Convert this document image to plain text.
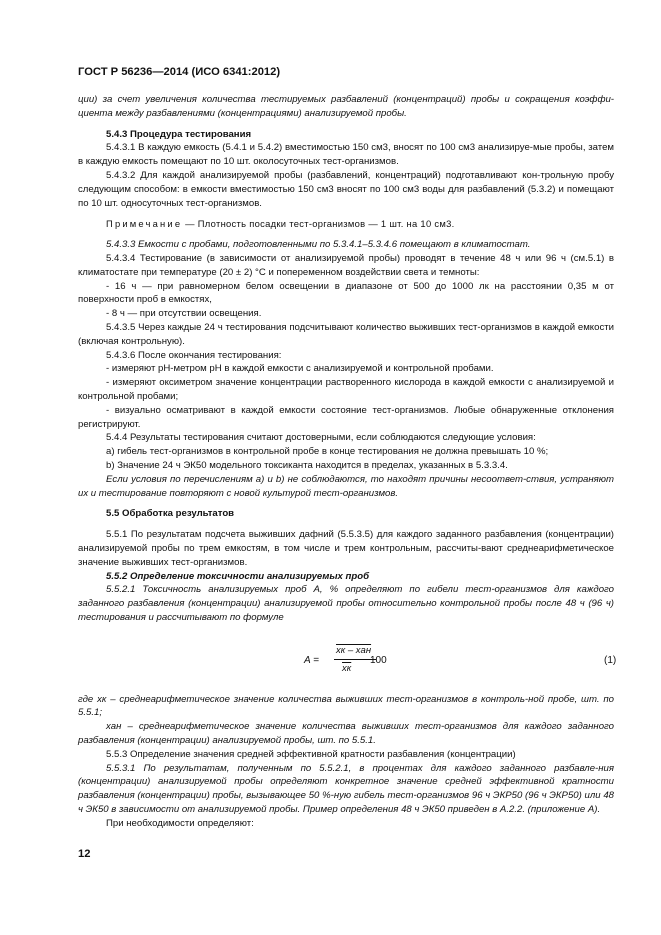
ГОСТ Р 56236—2014 (ИСО 6341:2012)

ции) за счет увеличения количества тестируемых разбавлений (концентраций) пробы и сокращения коэффи-циента между разбавлениями (концентрациями) анализируемой пробы.

5.4.3 Процедура тестирования

5.4.3.1 В каждую емкость (5.4.1 и 5.4.2) вместимостью 150 см3, вносят по 100 см3 анализируе-мые пробы, затем в каждую емкость помещают по 10 шт. околосуточных тест-организмов.

5.4.3.2 Для каждой анализируемой пробы (разбавлений, концентраций) подготавливают кон-трольную пробу следующим способом: в емкости вместимостью 150 см3 вносят по 100 см3 воды для разбавлений (5.3.2) и помещают по 10 шт. односуточных тест-организмов.

Примечание — Плотность посадки тест-организмов — 1 шт. на 10 см3.

5.4.3.3 Емкости с пробами, подготовленными по 5.3.4.1–5.3.4.6 помещают в климатостат.

5.4.3.4 Тестирование (в зависимости от анализируемой пробы) проводят в течение 48 ч или 96 ч (см.5.1) в климатостате при температуре (20 ± 2) °С и попеременном воздействии света и темноты:

- 16 ч — при равномерном белом освещении в диапазоне от 500 до 1000 лк на расстоянии 0,35 м от поверхности проб в емкостях,

- 8 ч — при отсутствии освещения.

5.4.3.5 Через каждые 24 ч тестирования подсчитывают количество выживших тест-организмов в каждой емкости (включая контрольную).

5.4.3.6 После окончания тестирования:

- измеряют рН-метром рН в каждой емкости с анализируемой и контрольной пробами.

- измеряют оксиметром значение концентрации растворенного кислорода в каждой емкости с анализируемой и контрольной пробами;

- визуально осматривают в каждой емкости состояние тест-организмов. Любые обнаруженные отклонения регистрируют.

5.4.4 Результаты тестирования считают достоверными, если соблюдаются следующие условия:

а) гибель тест-организмов в контрольной пробе в конце тестирования не должна превышать 10 %;

b) Значение 24 ч ЭК50 модельного токсиканта находится в пределах, указанных в 5.3.3.4.

Если условия по перечислениям а) и b) не соблюдаются, то находят причины несоответ-ствия, устраняют их и тестирование повторяют с новой культурой тест-организмов.

5.5 Обработка результатов

5.5.1 По результатам подсчета выживших дафний (5.5.3.5) для каждого заданного разбавления (концентрации) анализируемой пробы по трем емкостям, в том числе и трем контрольным, рассчиты-вают среднеарифметическое значение выживших тест-организмов.

5.5.2 Определение токсичности анализируемых проб

5.5.2.1 Токсичность анализируемых проб А, % определяют по гибели тест-организмов для каждого заданного разбавления (концентрации) анализируемой пробы относительно контрольной пробы после 48 ч (96 ч) тестирования и рассчитывают по формуле

A =
xк – xан
xк
100	(1)

где xк – среднеарифметическое значение количества выживших тест-организмов в контроль-ной пробе, шт. по 5.5.1;

xан – среднеарифметическое значение количества выживших тест-организмов для каждого заданного разбавления (концентрации) анализируемой пробы, шт. по 5.5.1.

5.5.3 Определение значения средней эффективной кратности разбавления (концентрации)

5.5.3.1 По результатам, полученным по 5.5.2.1, в процентах для каждого заданного разбавле-ния (концентрации) анализируемой пробы определяют конкретное значение средней эффективной кратности разбавления (концентрации) пробы, вызывающее 50 %-ную гибель тест-организмов 96 ч ЭКР50 (96 ч ЭКР50) или 48 ч ЭК50 в зависимости от анализируемой пробы. Пример определения 48 ч ЭК50 приведен в А.2.2. (приложение А).

При необходимости определяют:

12
